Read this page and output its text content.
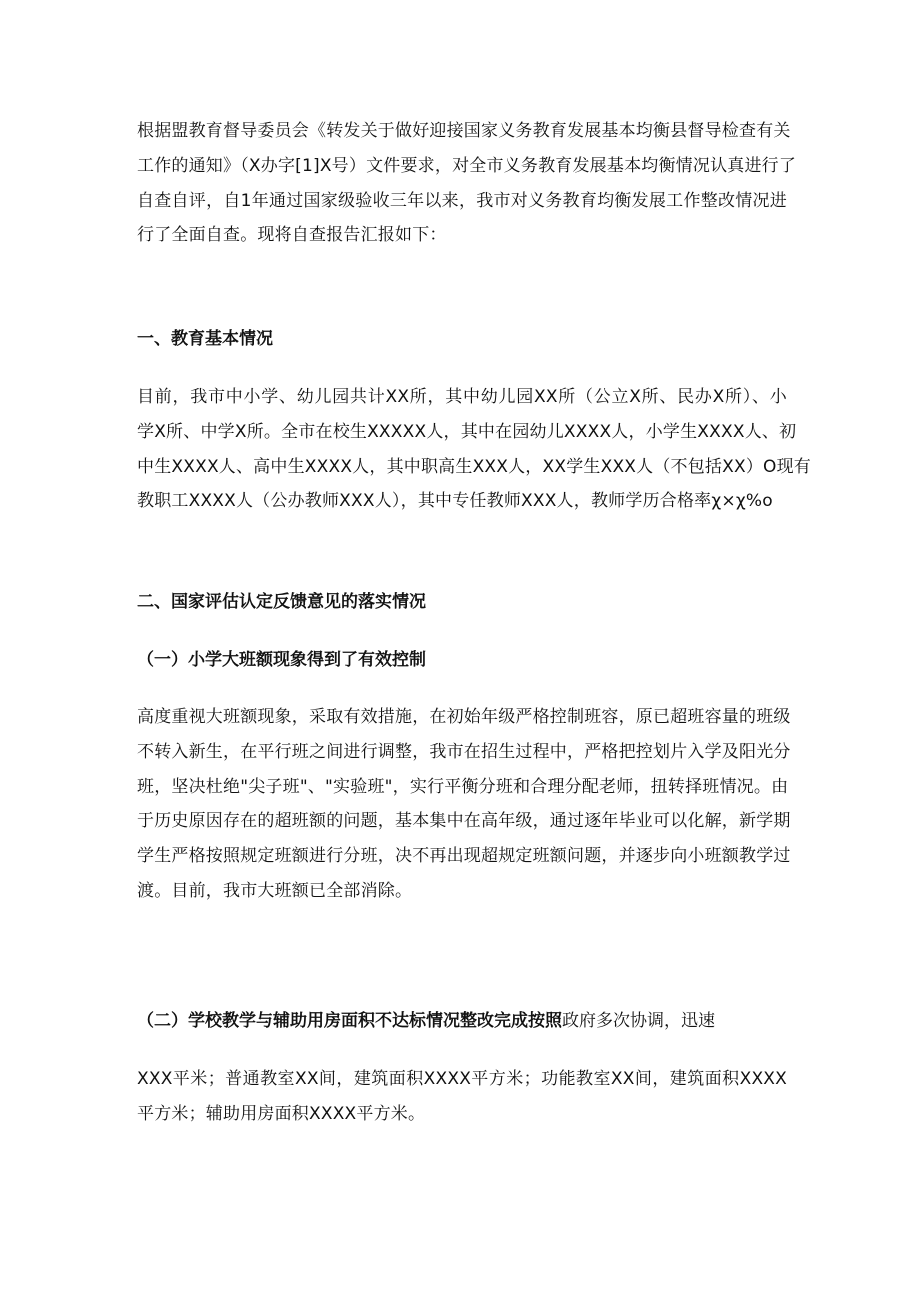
根据盟教育督导委员会《转发关于做好迎接国家义务教育发展基本均衡县督导检查有关
工作的通知》（X办字[1]X号）文件要求，对全市义务教育发展基本均衡情况认真进行了
自查自评，自1年通过国家级验收三年以来，我市对义务教育均衡发展工作整改情况进
行了全面自查。现将自查报告汇报如下：

一、教育基本情况

目前，我市中小学、幼儿园共计XX所，其中幼儿园XX所（公立X所、民办X所）、小
学X所、中学X所。全市在校生XXXXX人，其中在园幼儿XXXX人，小学生XXXX人、初
中生XXXX人、高中生XXXX人，其中职高生XXX人，XX学生XXX人（不包括XX）O现有
教职工XXXX人（公办教师XXX人），其中专任教师XXX人，教师学历合格率χ×χ%o

二、国家评估认定反馈意见的落实情况

（一）小学大班额现象得到了有效控制

高度重视大班额现象，采取有效措施，在初始年级严格控制班容，原已超班容量的班级
不转入新生，在平行班之间进行调整，我市在招生过程中，严格把控划片入学及阳光分
班，坚决杜绝"尖子班"、"实验班"，实行平衡分班和合理分配老师，扭转择班情况。由
于历史原因存在的超班额的问题，基本集中在高年级，通过逐年毕业可以化解，新学期
学生严格按照规定班额进行分班，决不再出现超规定班额问题，并逐步向小班额教学过
渡。目前，我市大班额已全部消除。

（二）学校教学与辅助用房面积不达标情况整改完成按照政府多次协调，迅速

XXX平米；普通教室XX间，建筑面积XXXX平方米；功能教室XX间，建筑面积XXXX
平方米；辅助用房面积XXXX平方米。
